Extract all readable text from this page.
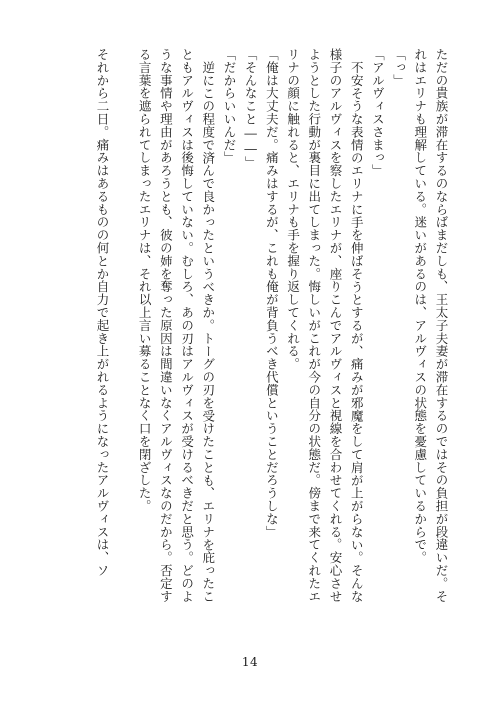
ただの貴族が滞在するのならばまだしも、王太子夫妻が滞在するのではその負担が段違いだ。それはエリナも理解している。迷いがあるのは、アルヴィスの状態を憂慮しているからで。

「っ」

「アルヴィスさまっ」

不安そうな表情のエリナに手を伸ばそうとするが、痛みが邪魔をして肩が上がらない。そんな様子のアルヴィスを察したエリナが、座りこんでアルヴィスと視線を合わせてくれる。安心させようとした行動が裏目に出てしまった。悔しいがこれが今の自分の状態だ。傍まで来てくれたエリナの顔に触れると、エリナも手を握り返してくれる。

「俺は大丈夫だ。痛みはするが、これも俺が背負うべき代償ということだろうしな」

「そんなこと――」

「だからいいんだ」

逆にこの程度で済んで良かったというべきか。トーグの刃を受けたことも、エリナを庇ったこともアルヴィスは後悔していない。むしろ、あの刃はアルヴィスが受けるべきだと思う。どのような事情や理由があろうとも、彼の姉を奪った原因は間違いなくアルヴィスなのだから。否定する言葉を遮られてしまったエリナは、それ以上言い募ることなく口を閉ざした。

それから二日。痛みはあるものの何とか自力で起き上がれるようになったアルヴィスは、ソ

14
